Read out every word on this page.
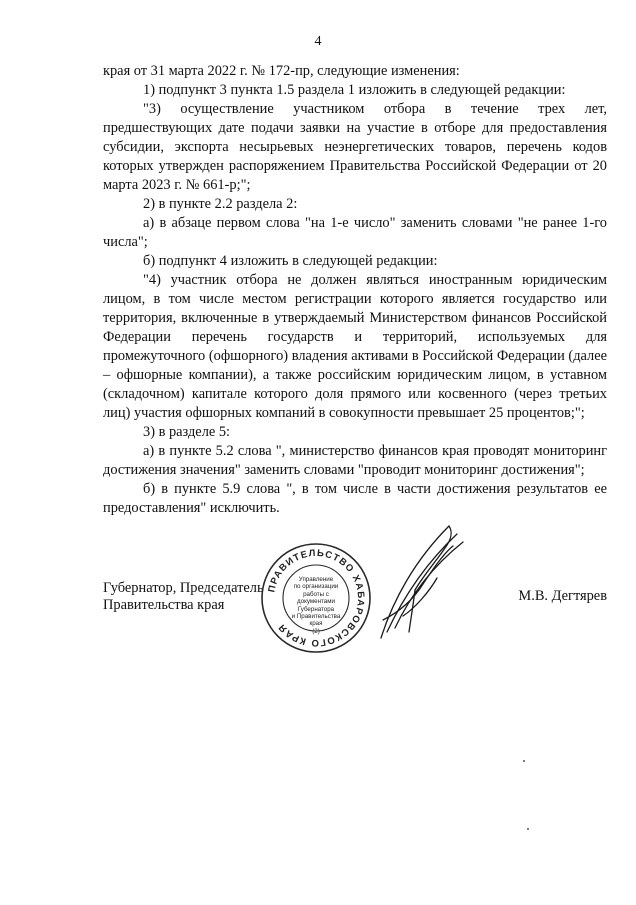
4

края от 31 марта 2022 г. № 172-пр, следующие изменения:

1) подпункт 3 пункта 1.5 раздела 1 изложить в следующей редакции:

"3) осуществление участником отбора в течение трех лет, предшествующих дате подачи заявки на участие в отборе для предоставления субсидии, экспорта несырьевых неэнергетических товаров, перечень кодов которых утвержден распоряжением Правительства Российской Федерации от 20 марта 2023 г. № 661-р;";

2) в пункте 2.2 раздела 2:

а) в абзаце первом слова "на 1-е число" заменить словами "не ранее 1-го числа";

б) подпункт 4 изложить в следующей редакции:

"4) участник отбора не должен являться иностранным юридическим лицом, в том числе местом регистрации которого является государство или территория, включенные в утверждаемый Министерством финансов Российской Федерации перечень государств и территорий, используемых для промежуточного (офшорного) владения активами в Российской Федерации (далее – офшорные компании), а также российским юридическим лицом, в уставном (складочном) капитале которого доля прямого или косвенного (через третьих лиц) участия офшорных компаний в совокупности превышает 25 процентов;";

3) в разделе 5:

а) в пункте 5.2 слова ", министерство финансов края проводят мониторинг достижения значения" заменить словами "проводит мониторинг достижения";

б) в пункте 5.9 слова ", в том числе в части достижения результатов ее предоставления" исключить.

Губернатор, Председатель
Правительства края
ПРАВИТЕЛЬСТВО ХАБАРОВСКОГО КРАЯ
Управление
по организации
работы с документами
Губернатора
и Правительства
края
(2)
М.В. Дегтярев
